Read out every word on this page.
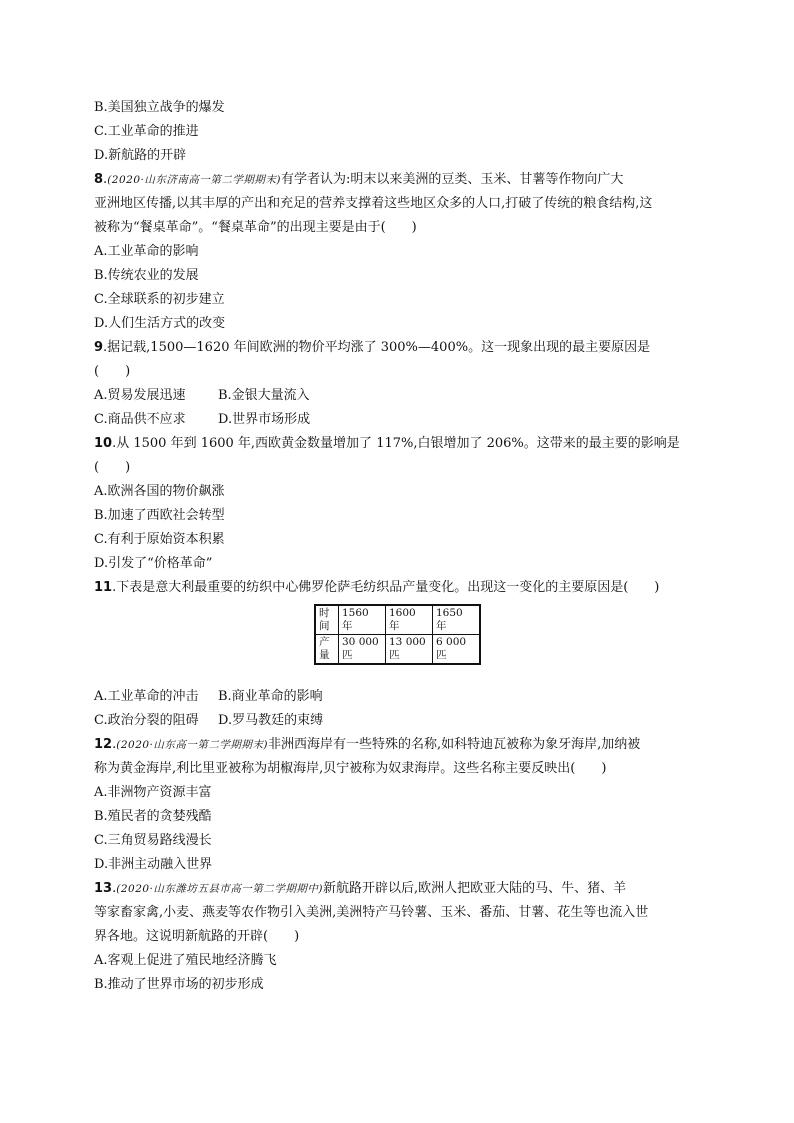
B.美国独立战争的爆发
C.工业革命的推进
D.新航路的开辟
8.(2020·山东济南高一第二学期期末)有学者认为:明末以来美洲的豆类、玉米、甘薯等作物向广大
亚洲地区传播,以其丰厚的产出和充足的营养支撑着这些地区众多的人口,打破了传统的粮食结构,这
被称为“餐桌革命”。“餐桌革命”的出现主要是由于(　　)
A.工业革命的影响
B.传统农业的发展
C.全球联系的初步建立
D.人们生活方式的改变
9.据记载,1500—1620 年间欧洲的物价平均涨了 300%—400%。这一现象出现的最主要原因是
(　　)
A.贸易发展迅速 B.金银大量流入
C.商品供不应求 D.世界市场形成
10.从 1500 年到 1600 年,西欧黄金数量增加了 117%,白银增加了 206%。这带来的最主要的影响是
(　　)
A.欧洲各国的物价飙涨
B.加速了西欧社会转型
C.有利于原始资本积累
D.引发了“价格革命”
11.下表是意大利最重要的纺织中心佛罗伦萨毛纺织品产量变化。出现这一变化的主要原因是(　　)
时间	1560 年	1600 年	1650 年
产量	30 000 匹	13 000 匹	6 000 匹
A.工业革命的冲击 B.商业革命的影响
C.政治分裂的阻碍 D.罗马教廷的束缚
12.(2020·山东高一第二学期期末)非洲西海岸有一些特殊的名称,如科特迪瓦被称为象牙海岸,加纳被
称为黄金海岸,利比里亚被称为胡椒海岸,贝宁被称为奴隶海岸。这些名称主要反映出(　　)
A.非洲物产资源丰富
B.殖民者的贪婪残酷
C.三角贸易路线漫长
D.非洲主动融入世界
13.(2020·山东潍坊五县市高一第二学期期中)新航路开辟以后,欧洲人把欧亚大陆的马、牛、猪、羊
等家畜家禽,小麦、燕麦等农作物引入美洲,美洲特产马铃薯、玉米、番茄、甘薯、花生等也流入世
界各地。这说明新航路的开辟(　　)
A.客观上促进了殖民地经济腾飞
B.推动了世界市场的初步形成
